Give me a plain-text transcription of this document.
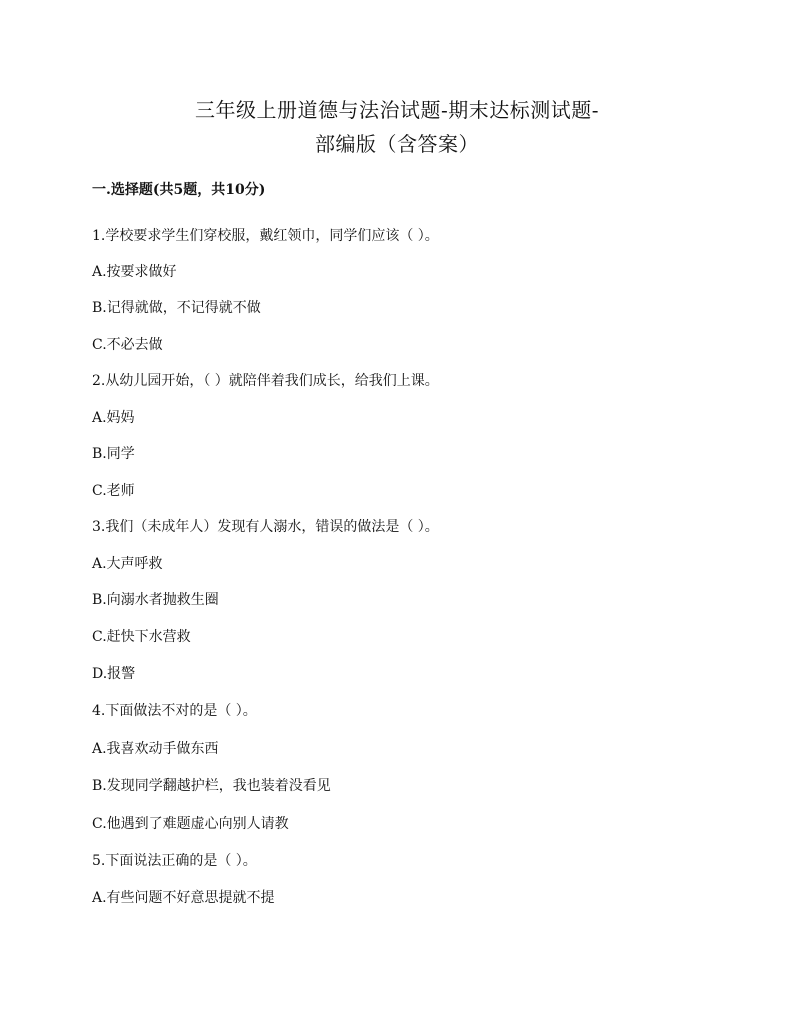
三年级上册道德与法治试题-期末达标测试题-
部编版（含答案）
一.选择题(共5题，共10分)
1.学校要求学生们穿校服，戴红领巾，同学们应该（ ）。
A.按要求做好
B.记得就做，不记得就不做
C.不必去做
2.从幼儿园开始，（ ）就陪伴着我们成长，给我们上课。
A.妈妈
B.同学
C.老师
3.我们（未成年人）发现有人溺水，错误的做法是（ ）。
A.大声呼救
B.向溺水者抛救生圈
C.赶快下水营救
D.报警
4.下面做法不对的是（ ）。
A.我喜欢动手做东西
B.发现同学翻越护栏，我也装着没看见
C.他遇到了难题虚心向别人请教
5.下面说法正确的是（ ）。
A.有些问题不好意思提就不提
